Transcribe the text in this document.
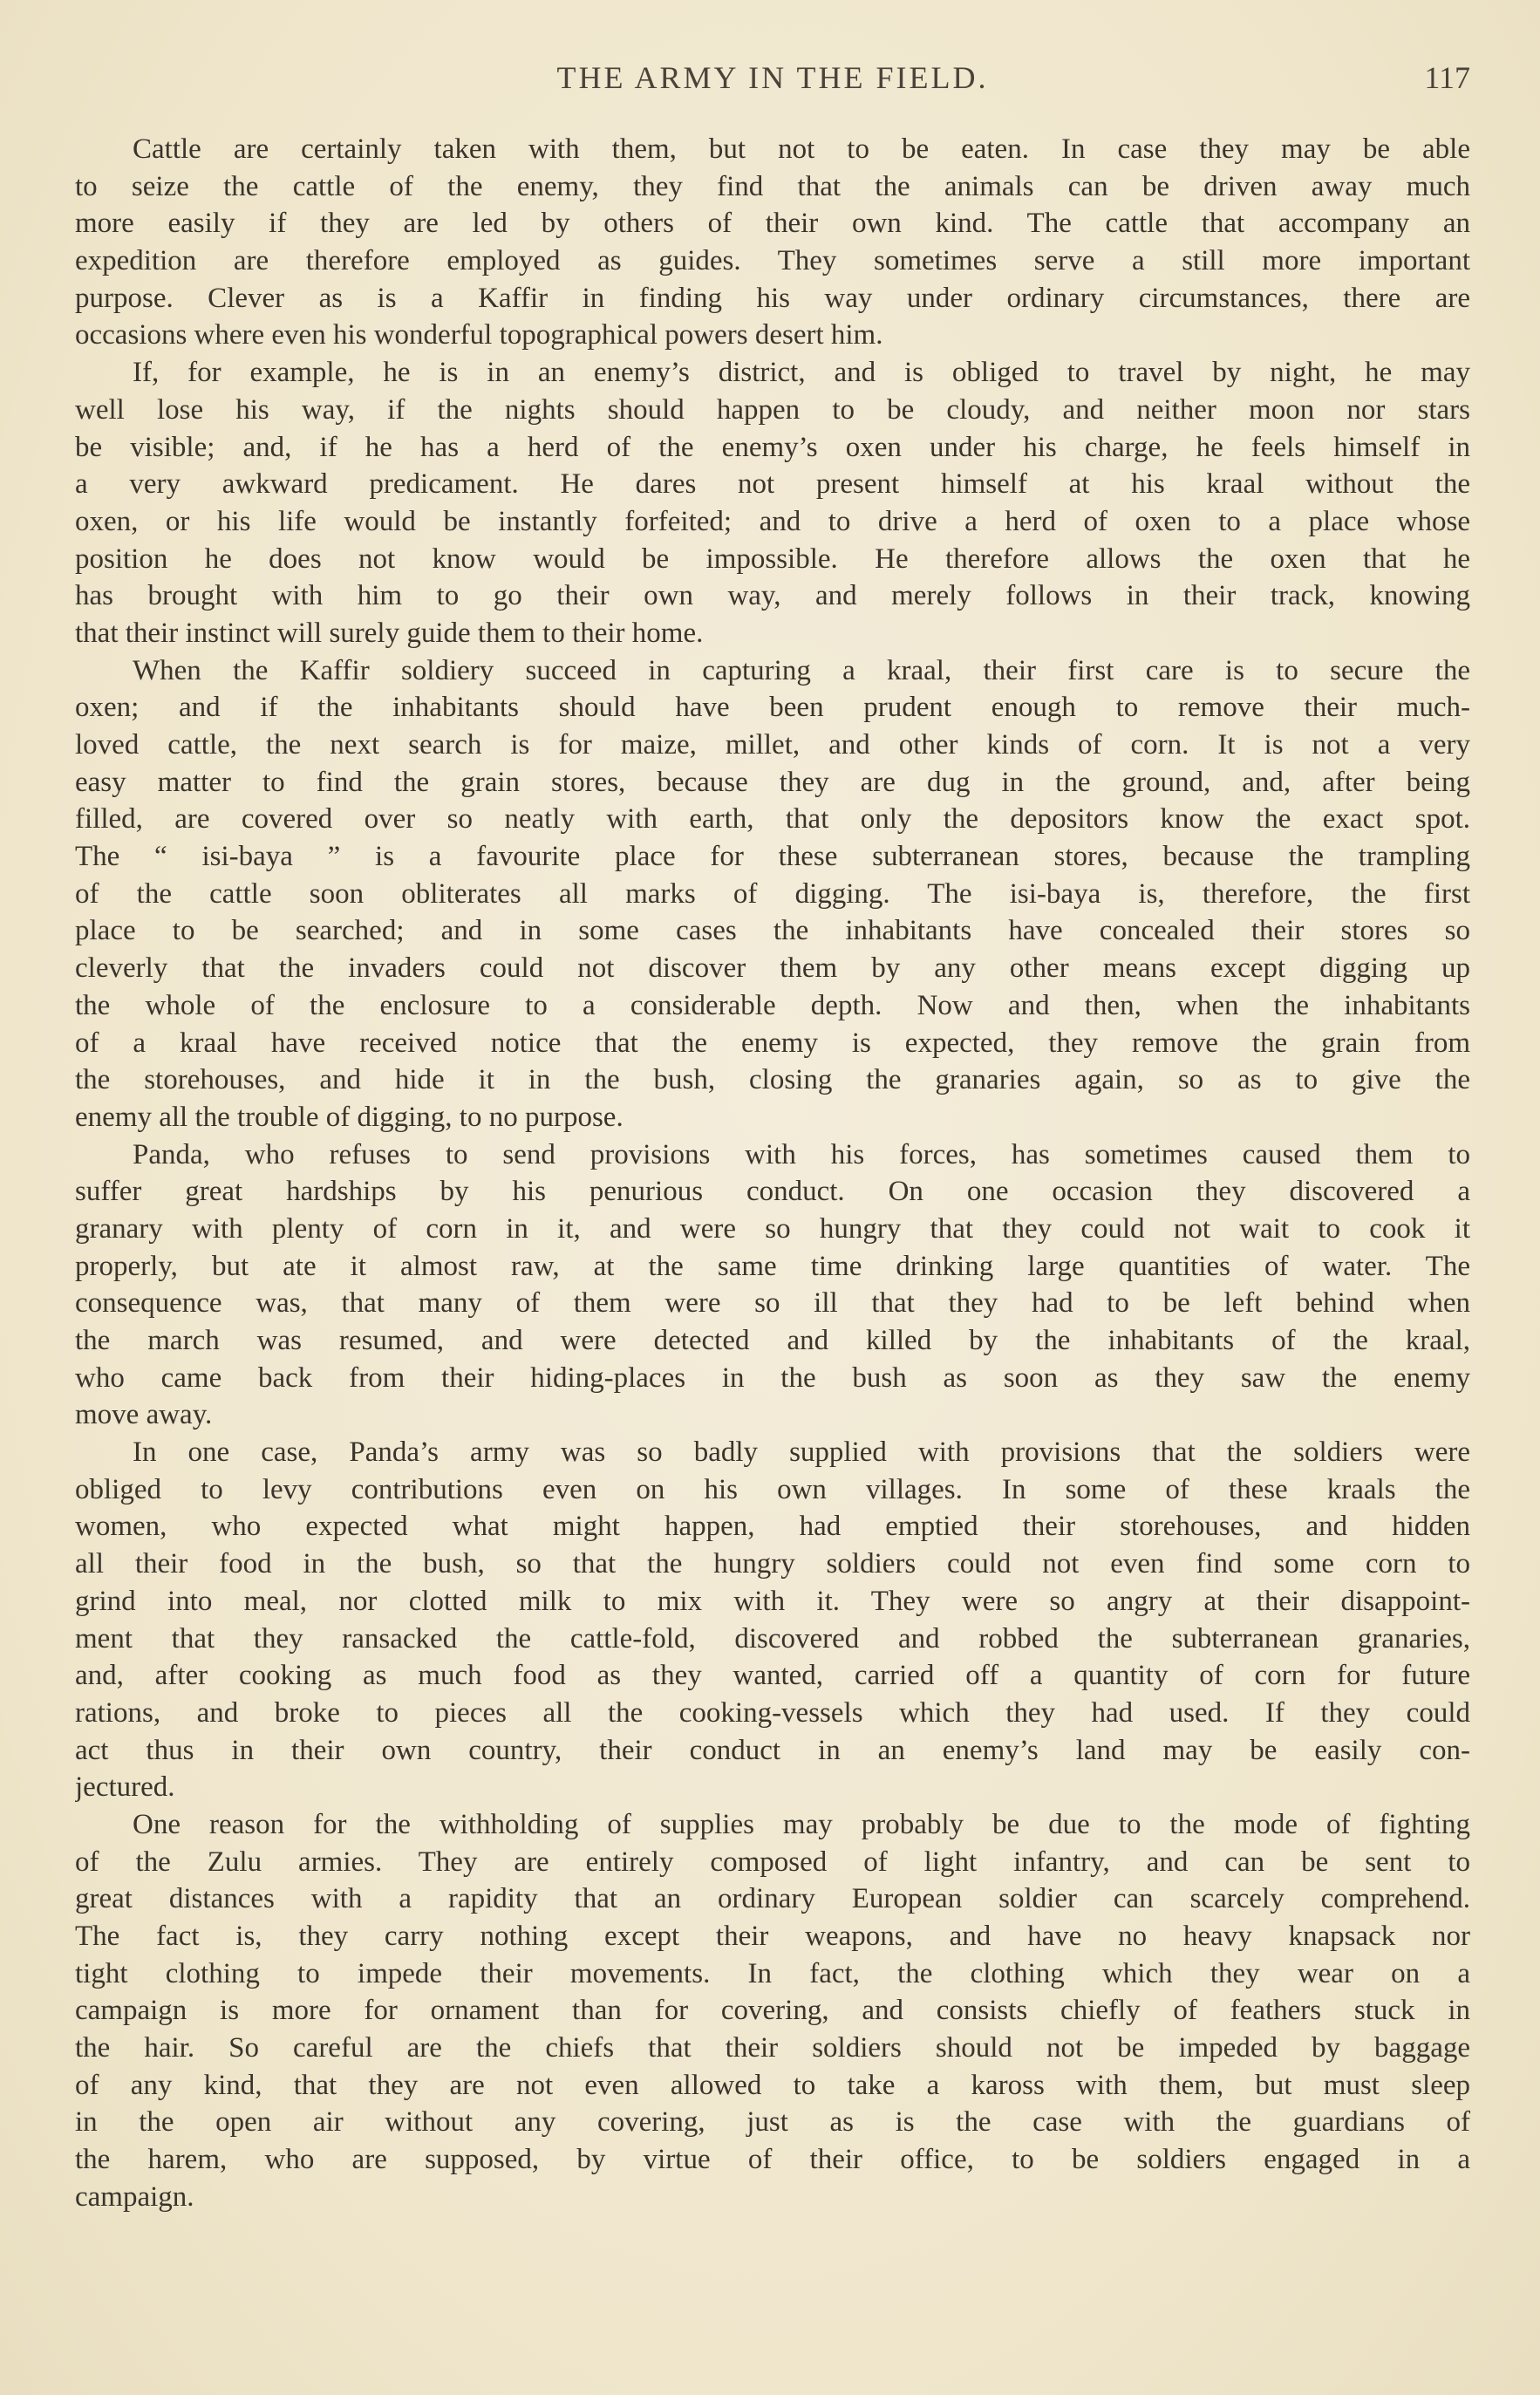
THE ARMY IN THE FIELD.	117
Cattle are certainly taken with them, but not to be eaten. In case they may be able
to seize the cattle of the enemy, they find that the animals can be driven away much
more easily if they are led by others of their own kind. The cattle that accompany an
expedition are therefore employed as guides. They sometimes serve a still more important
purpose. Clever as is a Kaffir in finding his way under ordinary circumstances, there are
occasions where even his wonderful topographical powers desert him.
If, for example, he is in an enemy’s district, and is obliged to travel by night, he may
well lose his way, if the nights should happen to be cloudy, and neither moon nor stars
be visible; and, if he has a herd of the enemy’s oxen under his charge, he feels himself in
a very awkward predicament. He dares not present himself at his kraal without the
oxen, or his life would be instantly forfeited; and to drive a herd of oxen to a place whose
position he does not know would be impossible. He therefore allows the oxen that he
has brought with him to go their own way, and merely follows in their track, knowing
that their instinct will surely guide them to their home.
When the Kaffir soldiery succeed in capturing a kraal, their first care is to secure the
oxen; and if the inhabitants should have been prudent enough to remove their much-
loved cattle, the next search is for maize, millet, and other kinds of corn. It is not a very
easy matter to find the grain stores, because they are dug in the ground, and, after being
filled, are covered over so neatly with earth, that only the depositors know the exact spot.
The “ isi-baya ” is a favourite place for these subterranean stores, because the trampling
of the cattle soon obliterates all marks of digging. The isi-baya is, therefore, the first
place to be searched; and in some cases the inhabitants have concealed their stores so
cleverly that the invaders could not discover them by any other means except digging up
the whole of the enclosure to a considerable depth. Now and then, when the inhabitants
of a kraal have received notice that the enemy is expected, they remove the grain from
the storehouses, and hide it in the bush, closing the granaries again, so as to give the
enemy all the trouble of digging, to no purpose.
Panda, who refuses to send provisions with his forces, has sometimes caused them to
suffer great hardships by his penurious conduct. On one occasion they discovered a
granary with plenty of corn in it, and were so hungry that they could not wait to cook it
properly, but ate it almost raw, at the same time drinking large quantities of water. The
consequence was, that many of them were so ill that they had to be left behind when
the march was resumed, and were detected and killed by the inhabitants of the kraal,
who came back from their hiding-places in the bush as soon as they saw the enemy
move away.
In one case, Panda’s army was so badly supplied with provisions that the soldiers were
obliged to levy contributions even on his own villages. In some of these kraals the
women, who expected what might happen, had emptied their storehouses, and hidden
all their food in the bush, so that the hungry soldiers could not even find some corn to
grind into meal, nor clotted milk to mix with it. They were so angry at their disappoint-
ment that they ransacked the cattle-fold, discovered and robbed the subterranean granaries,
and, after cooking as much food as they wanted, carried off a quantity of corn for future
rations, and broke to pieces all the cooking-vessels which they had used. If they could
act thus in their own country, their conduct in an enemy’s land may be easily con-
jectured.
One reason for the withholding of supplies may probably be due to the mode of fighting
of the Zulu armies. They are entirely composed of light infantry, and can be sent to
great distances with a rapidity that an ordinary European soldier can scarcely comprehend.
The fact is, they carry nothing except their weapons, and have no heavy knapsack nor
tight clothing to impede their movements. In fact, the clothing which they wear on a
campaign is more for ornament than for covering, and consists chiefly of feathers stuck in
the hair. So careful are the chiefs that their soldiers should not be impeded by baggage
of any kind, that they are not even allowed to take a kaross with them, but must sleep
in the open air without any covering, just as is the case with the guardians of
the harem, who are supposed, by virtue of their office, to be soldiers engaged in a
campaign.
